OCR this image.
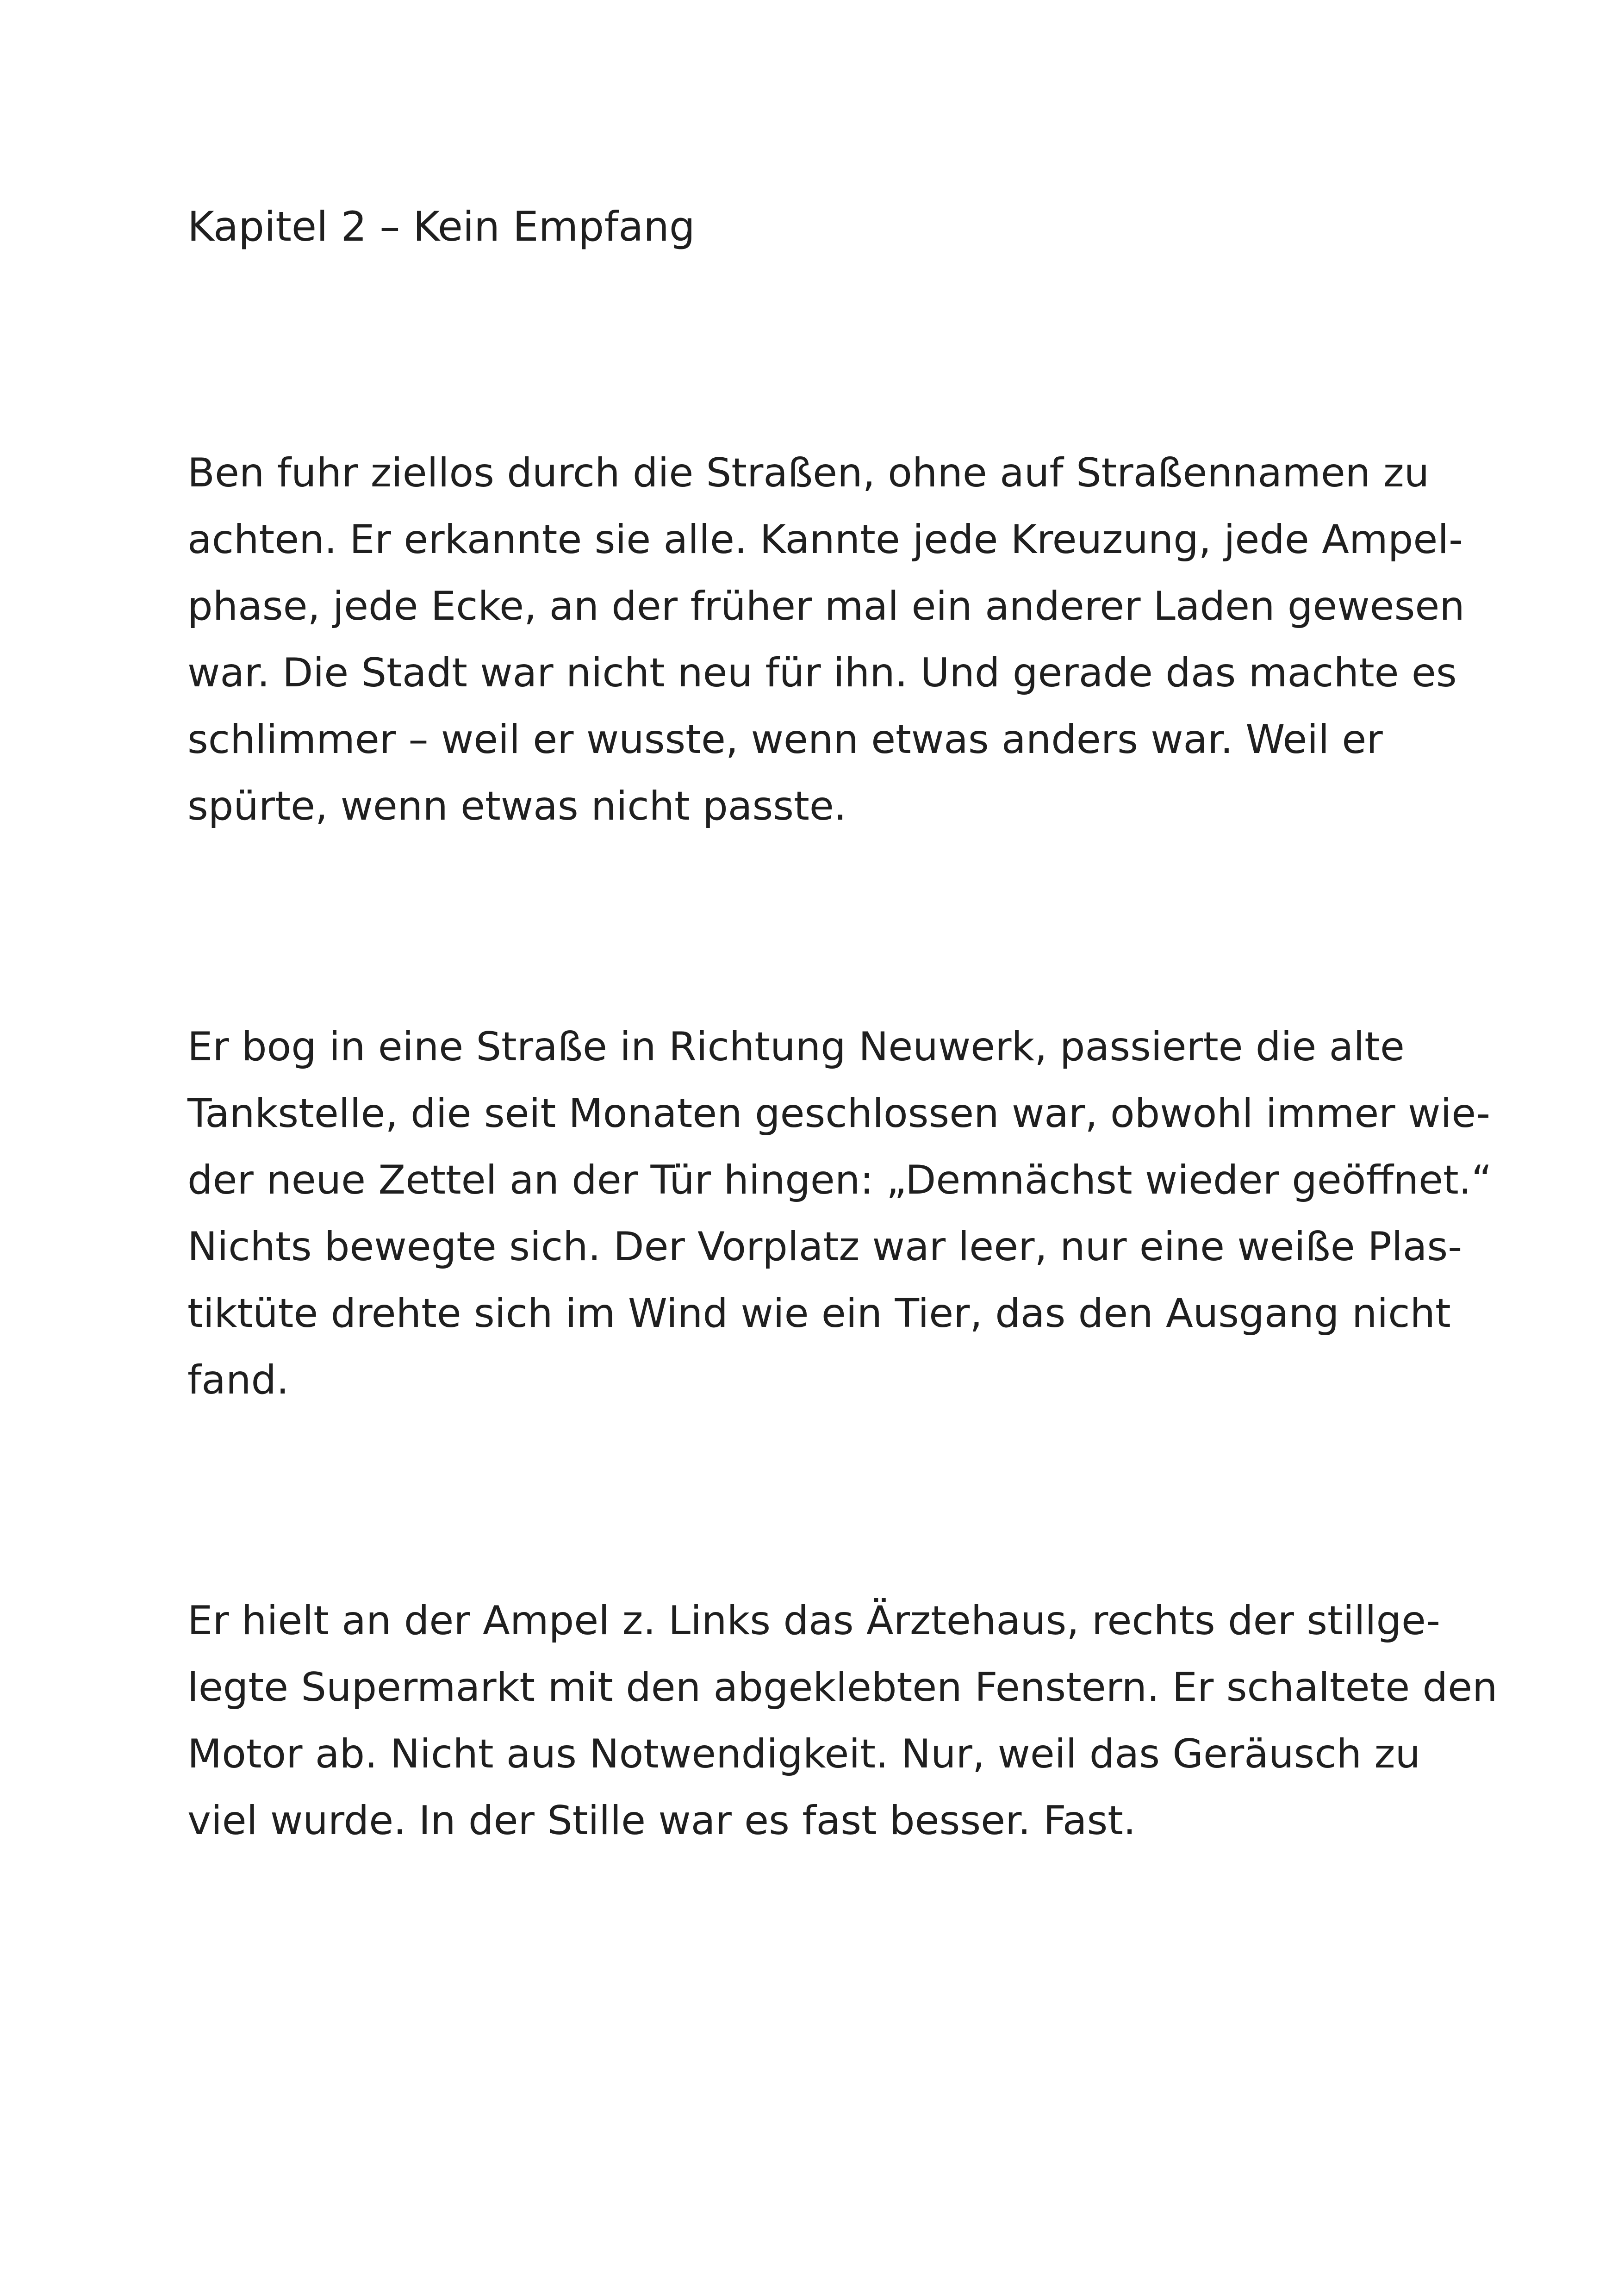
Kapitel 2 – Kein Empfang

Ben fuhr ziellos durch die Straßen, ohne auf Straßennamen zu
achten. Er erkannte sie alle. Kannte jede Kreuzung, jede Ampel-
phase, jede Ecke, an der früher mal ein anderer Laden gewesen
war. Die Stadt war nicht neu für ihn. Und gerade das machte es
schlimmer – weil er wusste, wenn etwas anders war. Weil er
spürte, wenn etwas nicht passte.

Er bog in eine Straße in Richtung Neuwerk, passierte die alte
Tankstelle, die seit Monaten geschlossen war, obwohl immer wie-
der neue Zettel an der Tür hingen: „Demnächst wieder geöffnet.“
Nichts bewegte sich. Der Vorplatz war leer, nur eine weiße Plas-
tiktüte drehte sich im Wind wie ein Tier, das den Ausgang nicht
fand.

Er hielt an der Ampel z. Links das Ärztehaus, rechts der stillge-
legte Supermarkt mit den abgeklebten Fenstern. Er schaltete den
Motor ab. Nicht aus Notwendigkeit. Nur, weil das Geräusch zu
viel wurde. In der Stille war es fast besser. Fast.
